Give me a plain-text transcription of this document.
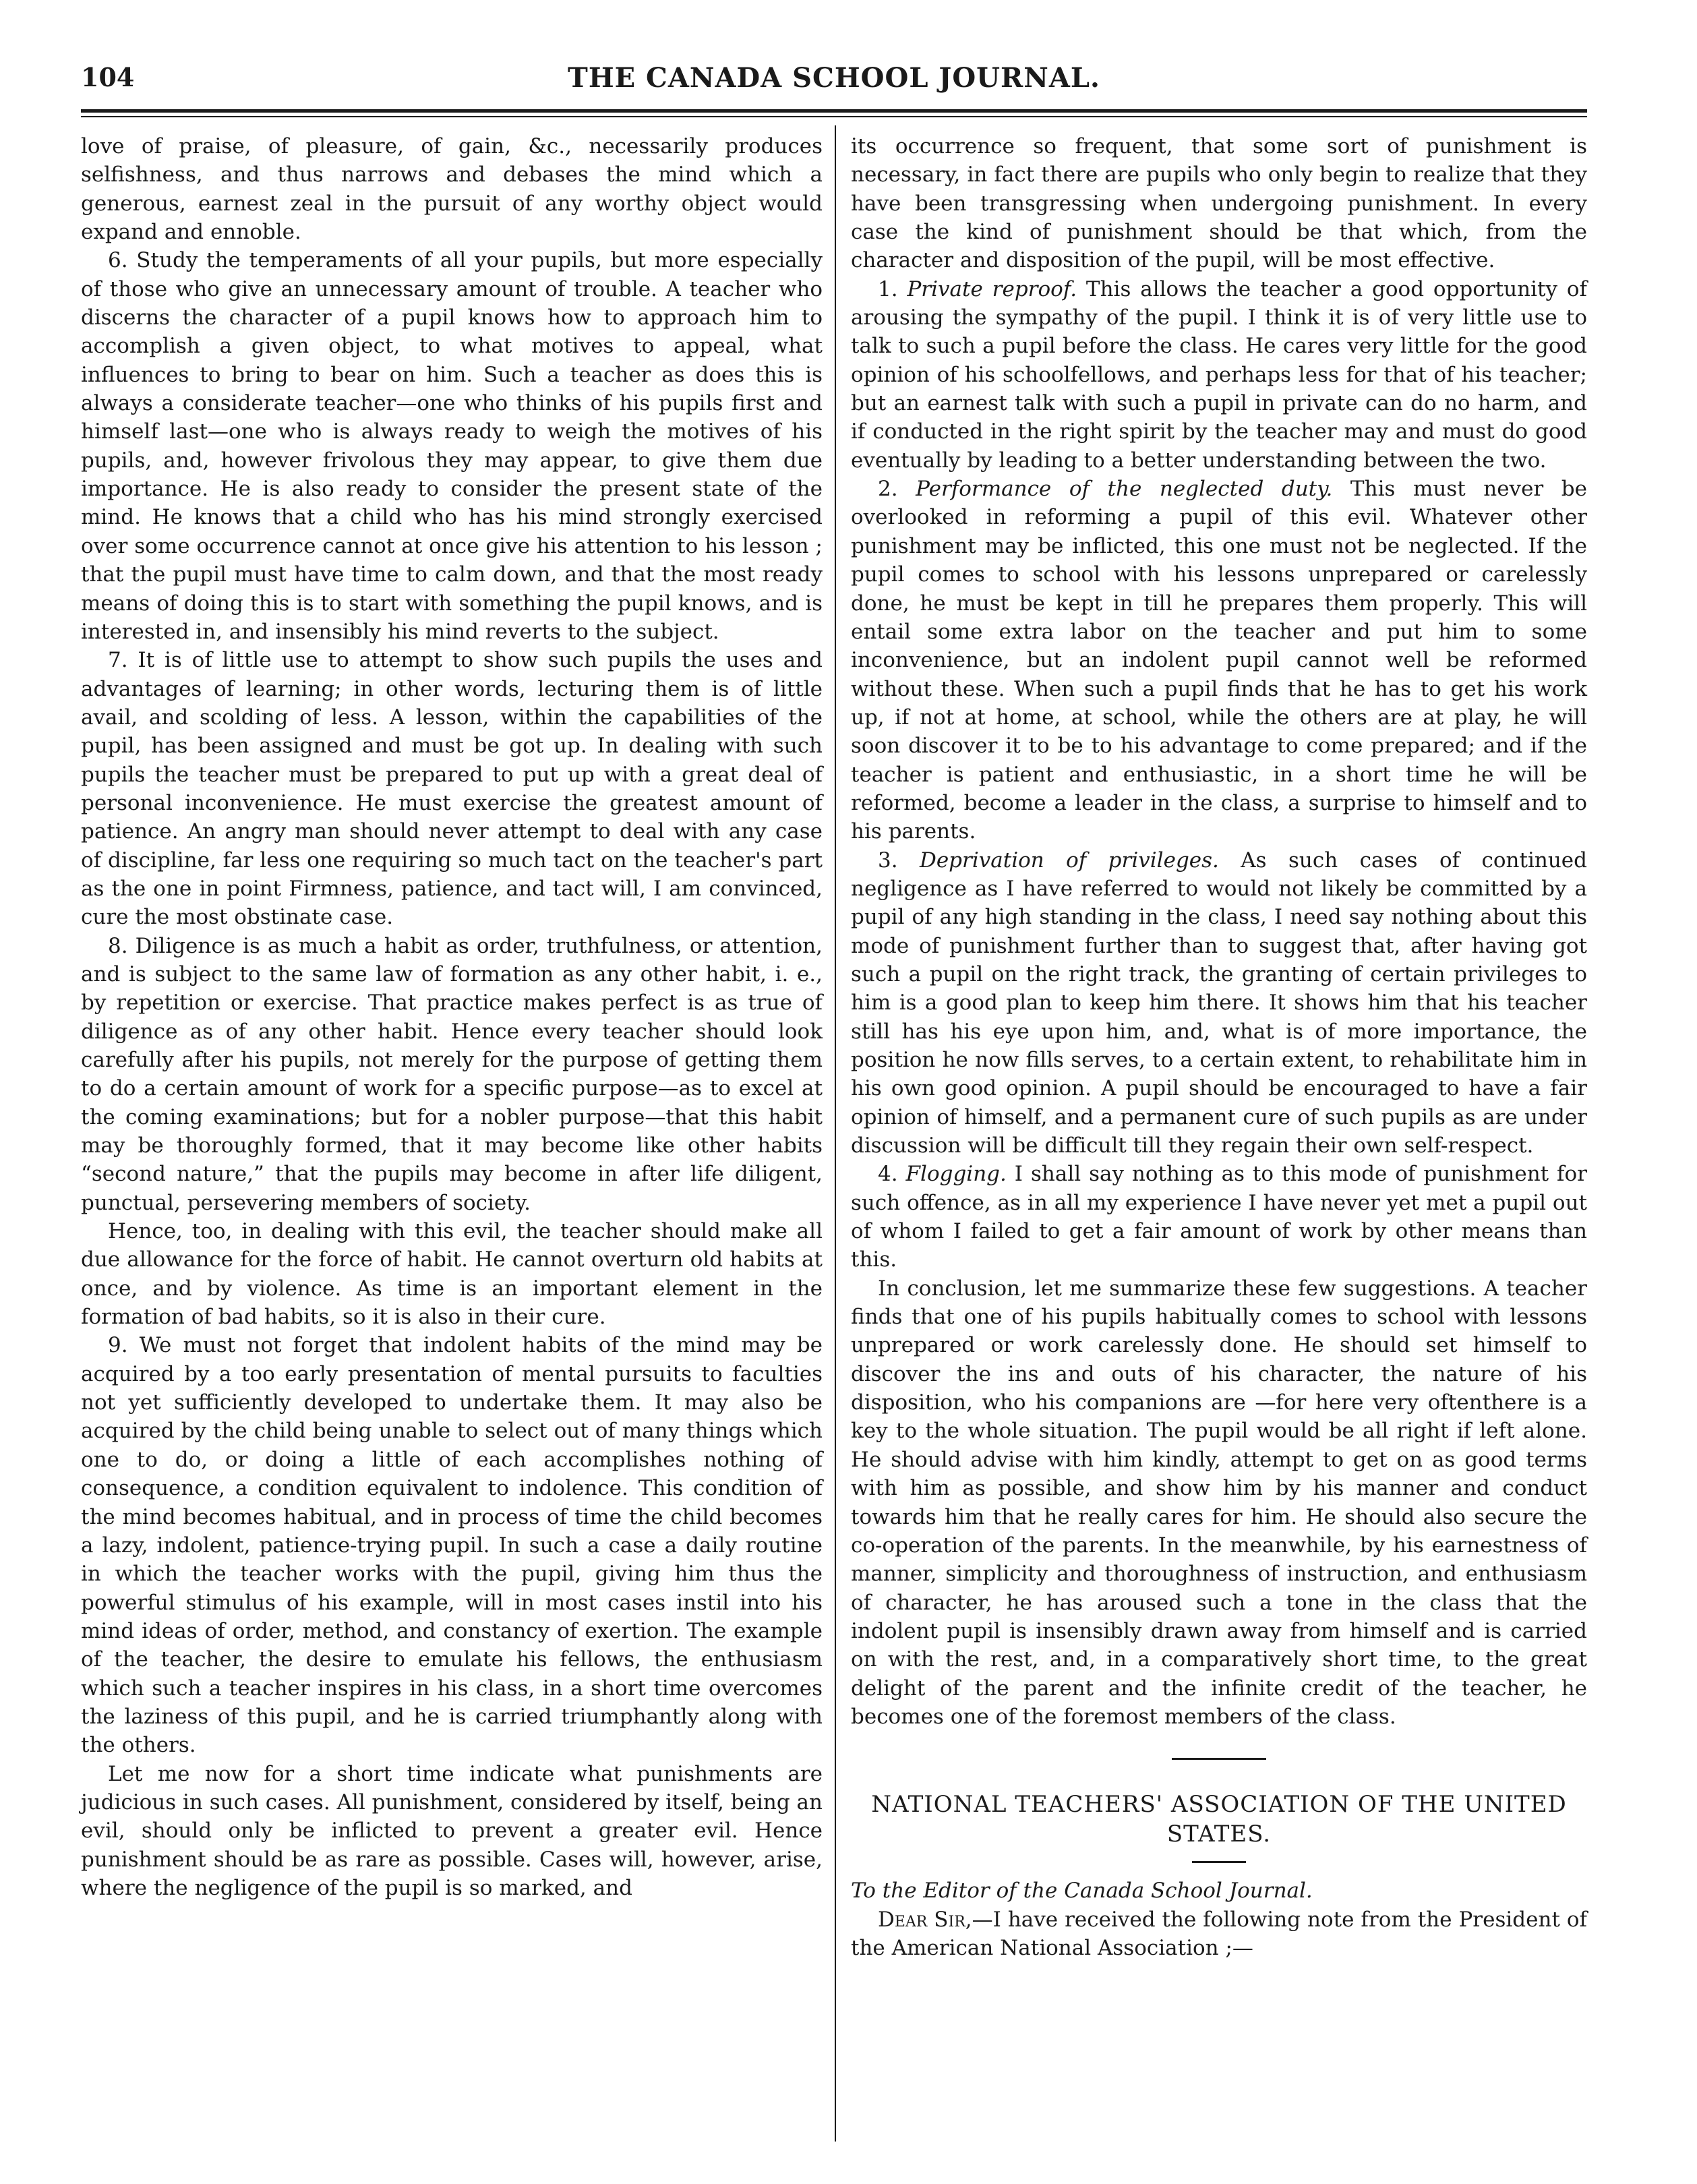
104	THE CANADA SCHOOL JOURNAL.

love of praise, of pleasure, of gain, &c., necessarily produces selfishness, and thus narrows and debases the mind which a generous, earnest zeal in the pursuit of any worthy object would expand and ennoble.

6. Study the temperaments of all your pupils, but more especially of those who give an unnecessary amount of trouble. A teacher who discerns the character of a pupil knows how to approach him to accomplish a given object, to what motives to appeal, what influences to bring to bear on him. Such a teacher as does this is always a considerate teacher—one who thinks of his pupils first and himself last—one who is always ready to weigh the motives of his pupils, and, however frivolous they may appear, to give them due importance. He is also ready to consider the present state of the mind. He knows that a child who has his mind strongly exercised over some occurrence cannot at once give his attention to his lesson ; that the pupil must have time to calm down, and that the most ready means of doing this is to start with something the pupil knows, and is interested in, and insensibly his mind reverts to the subject.

7. It is of little use to attempt to show such pupils the uses and advantages of learning; in other words, lecturing them is of little avail, and scolding of less. A lesson, within the capabilities of the pupil, has been assigned and must be got up. In dealing with such pupils the teacher must be prepared to put up with a great deal of personal inconvenience. He must exercise the greatest amount of patience. An angry man should never attempt to deal with any case of discipline, far less one requiring so much tact on the teacher's part as the one in point Firmness, patience, and tact will, I am convinced, cure the most obstinate case.

8. Diligence is as much a habit as order, truthfulness, or attention, and is subject to the same law of formation as any other habit, i. e., by repetition or exercise. That practice makes perfect is as true of diligence as of any other habit. Hence every teacher should look carefully after his pupils, not merely for the purpose of getting them to do a certain amount of work for a specific purpose—as to excel at the coming examinations; but for a nobler purpose—that this habit may be thoroughly formed, that it may become like other habits “second nature,” that the pupils may become in after life diligent, punctual, persevering members of society.

Hence, too, in dealing with this evil, the teacher should make all due allowance for the force of habit. He cannot overturn old habits at once, and by violence. As time is an important element in the formation of bad habits, so it is also in their cure.

9. We must not forget that indolent habits of the mind may be acquired by a too early presentation of mental pursuits to faculties not yet sufficiently developed to undertake them. It may also be acquired by the child being unable to select out of many things which one to do, or doing a little of each accomplishes nothing of consequence, a condition equivalent to indolence. This condition of the mind becomes habitual, and in process of time the child becomes a lazy, indolent, patience-trying pupil. In such a case a daily routine in which the teacher works with the pupil, giving him thus the powerful stimulus of his example, will in most cases instil into his mind ideas of order, method, and constancy of exertion. The example of the teacher, the desire to emulate his fellows, the enthusiasm which such a teacher inspires in his class, in a short time overcomes the laziness of this pupil, and he is carried triumphantly along with the others.

Let me now for a short time indicate what punishments are judicious in such cases. All punishment, considered by itself, being an evil, should only be inflicted to prevent a greater evil. Hence punishment should be as rare as possible. Cases will, however, arise, where the negligence of the pupil is so marked, and

its occurrence so frequent, that some sort of punishment is necessary, in fact there are pupils who only begin to realize that they have been transgressing when undergoing punishment. In every case the kind of punishment should be that which, from the character and disposition of the pupil, will be most effective.

1. Private reproof. This allows the teacher a good opportunity of arousing the sympathy of the pupil. I think it is of very little use to talk to such a pupil before the class. He cares very little for the good opinion of his schoolfellows, and perhaps less for that of his teacher; but an earnest talk with such a pupil in private can do no harm, and if conducted in the right spirit by the teacher may and must do good eventually by leading to a better understanding between the two.

2. Performance of the neglected duty. This must never be overlooked in reforming a pupil of this evil. Whatever other punishment may be inflicted, this one must not be neglected. If the pupil comes to school with his lessons unprepared or carelessly done, he must be kept in till he prepares them properly. This will entail some extra labor on the teacher and put him to some inconvenience, but an indolent pupil cannot well be reformed without these. When such a pupil finds that he has to get his work up, if not at home, at school, while the others are at play, he will soon discover it to be to his advantage to come prepared; and if the teacher is patient and enthusiastic, in a short time he will be reformed, become a leader in the class, a surprise to himself and to his parents.

3. Deprivation of privileges. As such cases of continued negligence as I have referred to would not likely be committed by a pupil of any high standing in the class, I need say nothing about this mode of punishment further than to suggest that, after having got such a pupil on the right track, the granting of certain privileges to him is a good plan to keep him there. It shows him that his teacher still has his eye upon him, and, what is of more importance, the position he now fills serves, to a certain extent, to rehabilitate him in his own good opinion. A pupil should be encouraged to have a fair opinion of himself, and a permanent cure of such pupils as are under discussion will be difficult till they regain their own self-respect.

4. Flogging. I shall say nothing as to this mode of punishment for such offence, as in all my experience I have never yet met a pupil out of whom I failed to get a fair amount of work by other means than this.

In conclusion, let me summarize these few suggestions. A teacher finds that one of his pupils habitually comes to school with lessons unprepared or work carelessly done. He should set himself to discover the ins and outs of his character, the nature of his disposition, who his companions are —for here very oftenthere is a key to the whole situation. The pupil would be all right if left alone. He should advise with him kindly, attempt to get on as good terms with him as possible, and show him by his manner and conduct towards him that he really cares for him. He should also secure the co-operation of the parents. In the meanwhile, by his earnestness of manner, simplicity and thoroughness of instruction, and enthusiasm of character, he has aroused such a tone in the class that the indolent pupil is insensibly drawn away from himself and is carried on with the rest, and, in a comparatively short time, to the great delight of the parent and the infinite credit of the teacher, he becomes one of the foremost members of the class.

NATIONAL TEACHERS' ASSOCIATION OF THE UNITED STATES.

To the Editor of the Canada School Journal.

Dear Sir,—I have received the following note from the President of the American National Association ;—
